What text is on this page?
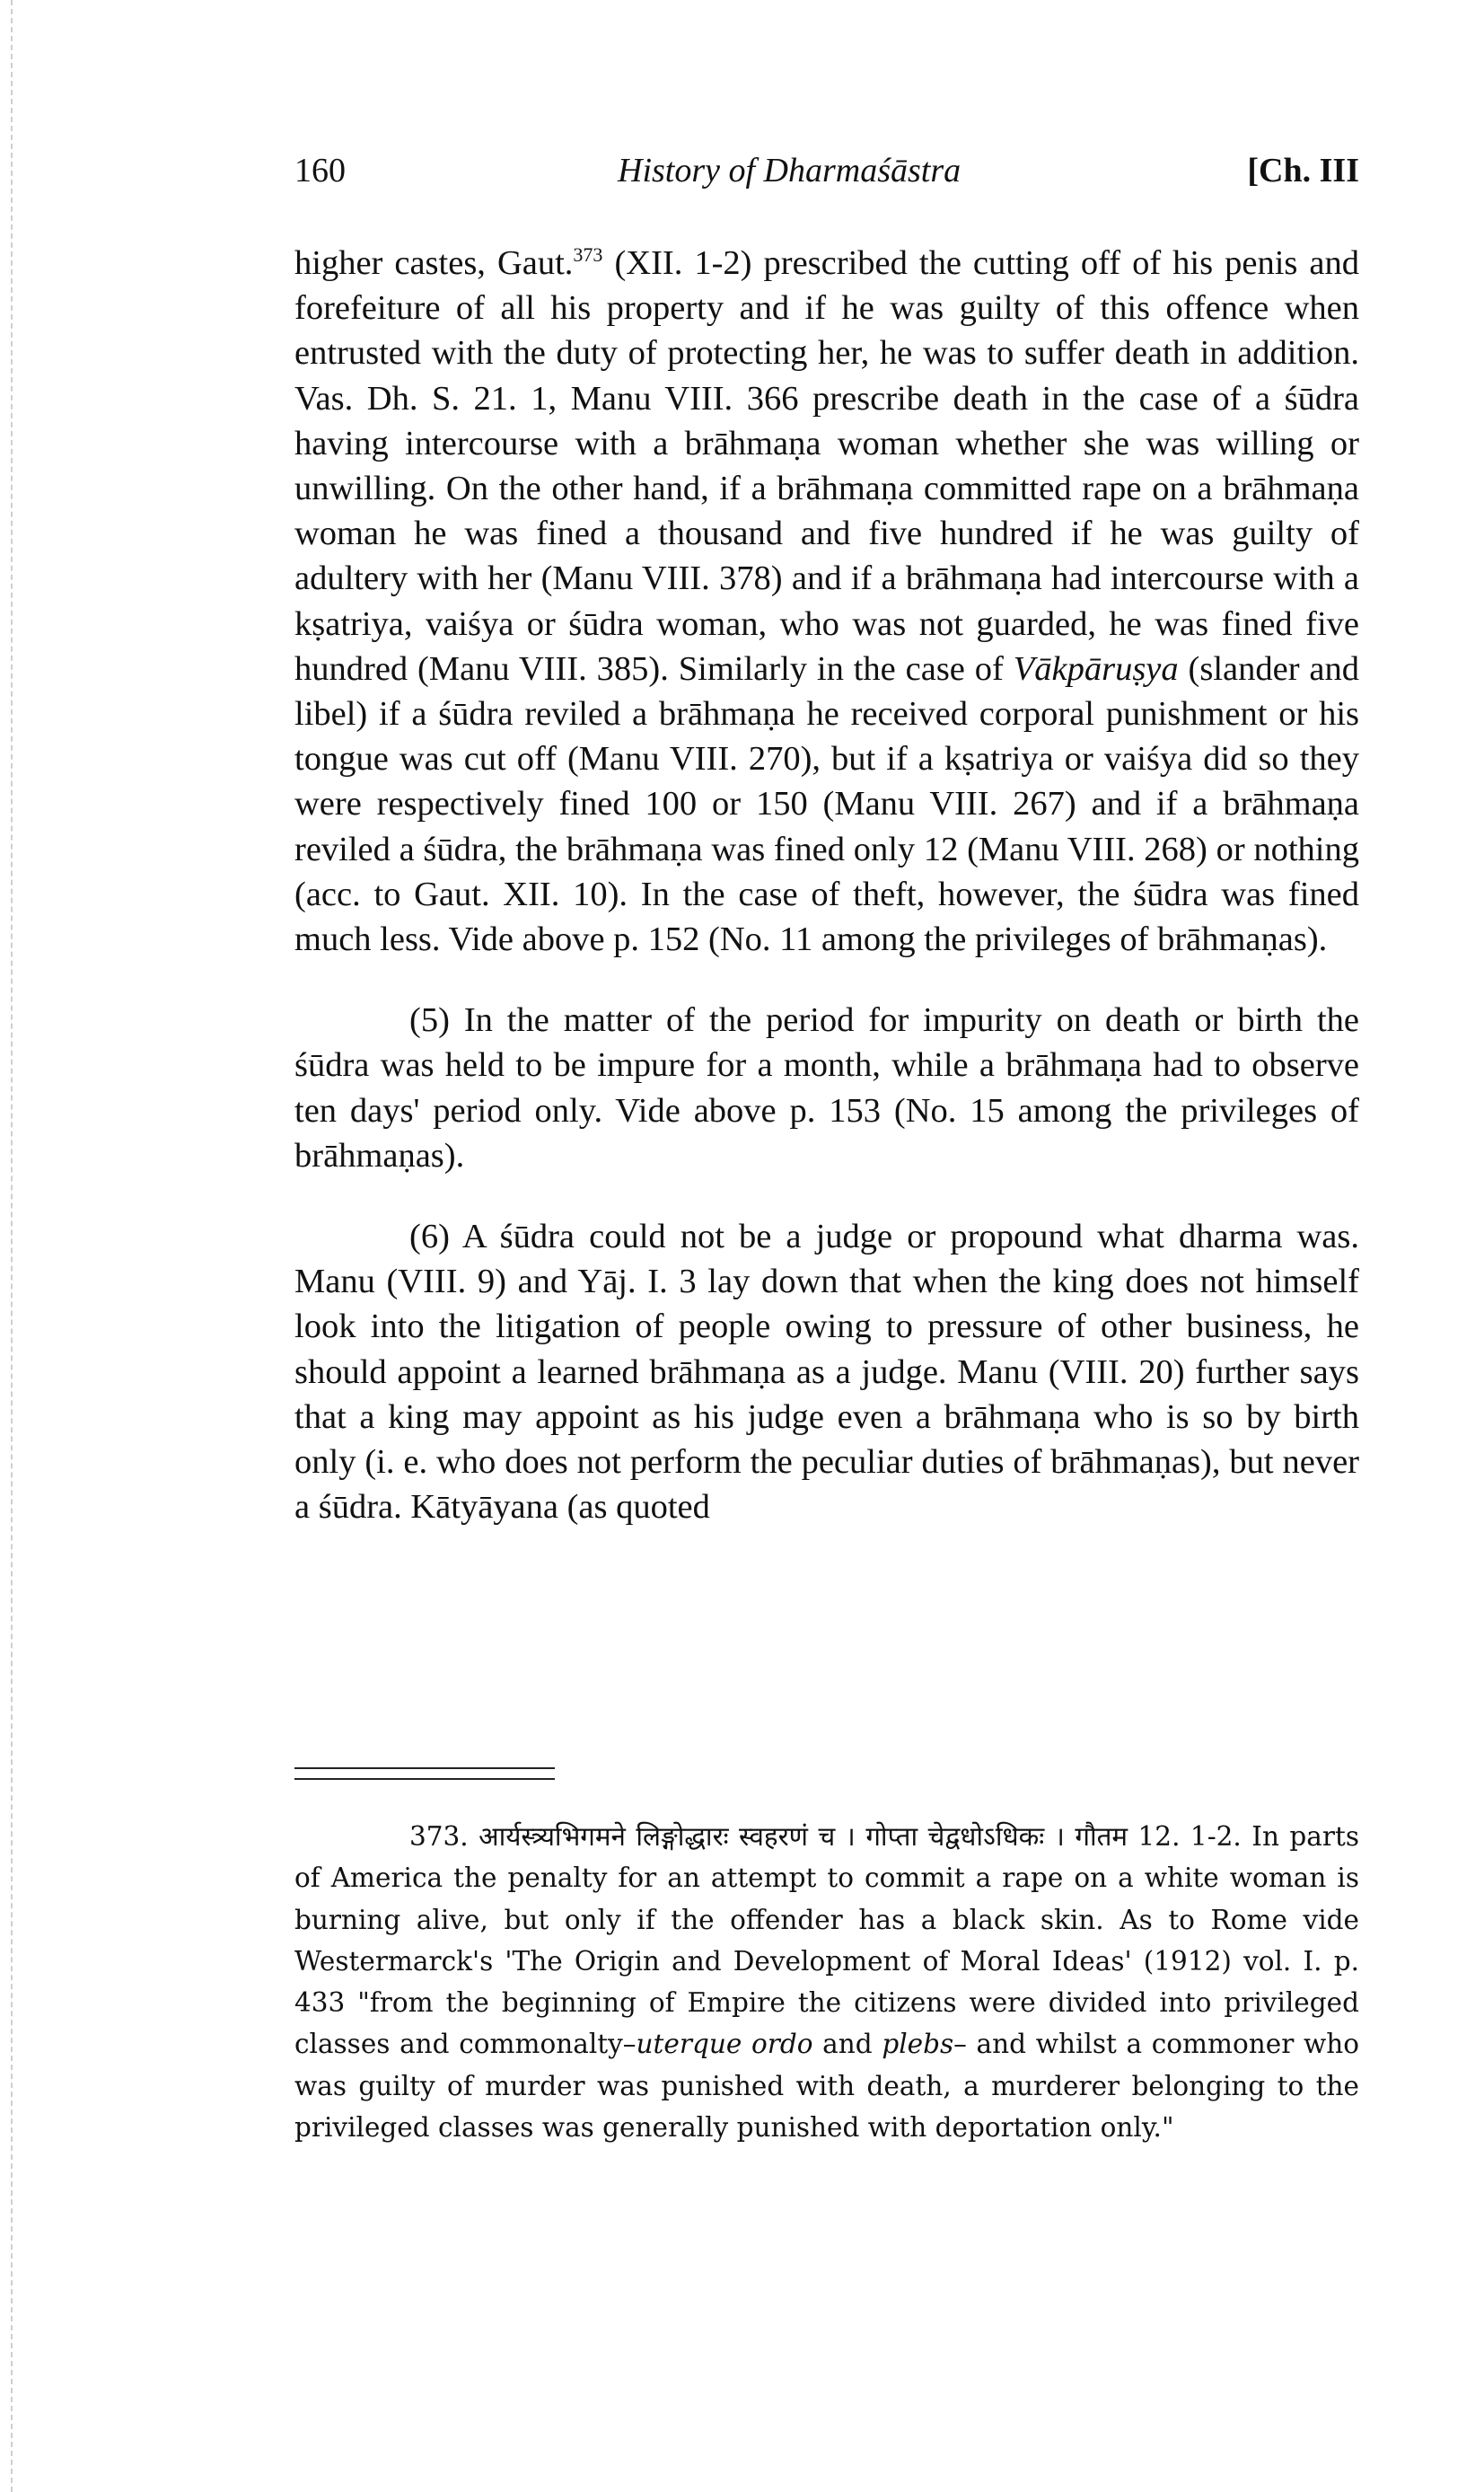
160	History of Dharmaśāstra	[Ch. III

higher castes, Gaut.$^{373}$ (XII. 1-2) prescribed the cutting off of his penis and forefeiture of all his property and if he was guilty of this offence when entrusted with the duty of protecting her, he was to suffer death in addition. Vas. Dh. S. 21. 1, Manu VIII. 366 prescribe death in the case of a śūdra having intercourse with a brāhmaṇa woman whether she was willing or unwilling. On the other hand, if a brāhmaṇa committed rape on a brāhmaṇa woman he was fined a thousand and five hundred if he was guilty of adultery with her (Manu VIII. 378) and if a brāhmaṇa had intercourse with a kṣatriya, vaiśya or śūdra woman, who was not guarded, he was fined five hundred (Manu VIII. 385). Similarly in the case of Vākpāruṣya (slander and libel) if a śūdra reviled a brāhmaṇa he received corporal punishment or his tongue was cut off (Manu VIII. 270), but if a kṣatriya or vaiśya did so they were respectively fined 100 or 150 (Manu VIII. 267) and if a brāhmaṇa reviled a śūdra, the brāhmaṇa was fined only 12 (Manu VIII. 268) or nothing (acc. to Gaut. XII. 10). In the case of theft, however, the śūdra was fined much less. Vide above p. 152 (No. 11 among the privileges of brāhmaṇas).

(5) In the matter of the period for impurity on death or birth the śūdra was held to be impure for a month, while a brāhmaṇa had to observe ten days' period only. Vide above p. 153 (No. 15 among the privileges of brāhmaṇas).

(6) A śūdra could not be a judge or propound what dharma was. Manu (VIII. 9) and Yāj. I. 3 lay down that when the king does not himself look into the litigation of people owing to pressure of other business, he should appoint a learned brāhmaṇa as a judge. Manu (VIII. 20) further says that a king may appoint as his judge even a brāhmaṇa who is so by birth only (i. e. who does not perform the peculiar duties of brāhmaṇas), but never a śūdra. Kātyāyana (as quoted

373. आर्यस्त्र्यभिगमने लिङ्गोद्धारः स्वहरणं च । गोप्ता चेद्वधोऽधिकः । गौतम 12. 1-2. In parts of America the penalty for an attempt to commit a rape on a white woman is burning alive, but only if the offender has a black skin. As to Rome vide Westermarck's 'The Origin and Development of Moral Ideas' (1912) vol. I. p. 433 "from the beginning of Empire the citizens were divided into privileged classes and commonalty–uterque ordo and plebs– and whilst a commoner who was guilty of murder was punished with death, a murderer belonging to the privileged classes was generally punished with deportation only."
